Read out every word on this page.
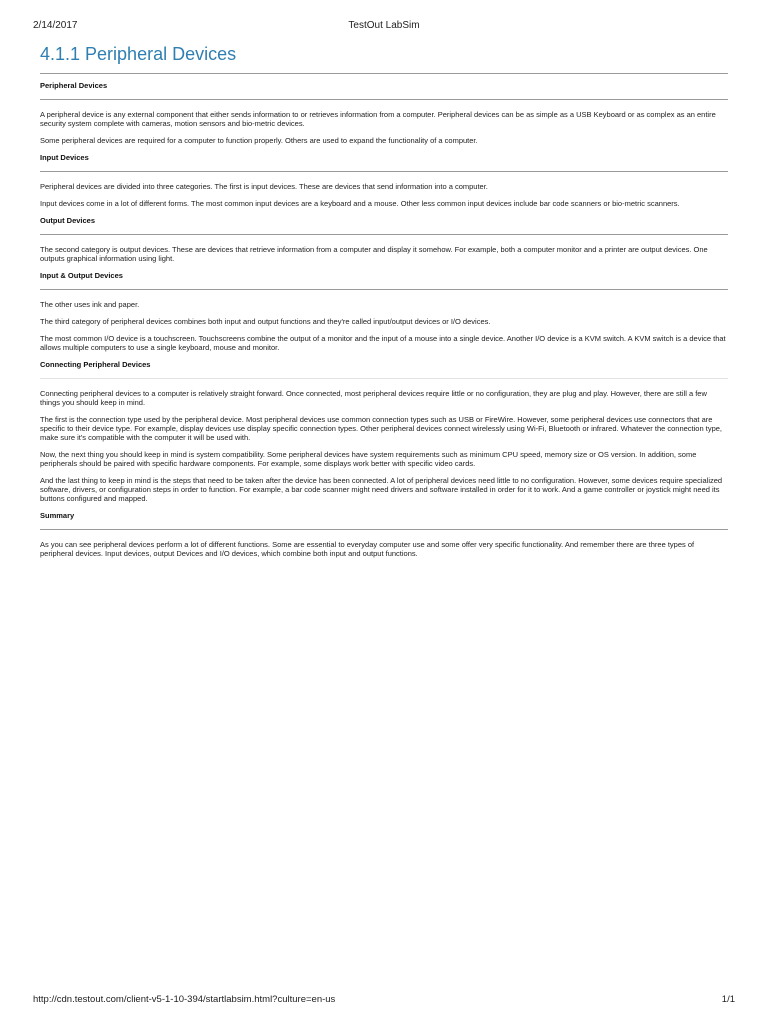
2/14/2017	TestOut LabSim
4.1.1 Peripheral Devices
Peripheral Devices

A peripheral device is any external component that either sends information to or retrieves information from a computer. Peripheral devices can be as simple as a USB Keyboard or as complex as an entire security system complete with cameras, motion sensors and bio-metric devices.

Some peripheral devices are required for a computer to function properly. Others are used to expand the functionality of a computer.

Input Devices

Peripheral devices are divided into three categories. The first is input devices. These are devices that send information into a computer.

Input devices come in a lot of different forms. The most common input devices are a keyboard and a mouse. Other less common input devices include bar code scanners or bio-metric scanners.

Output Devices

The second category is output devices. These are devices that retrieve information from a computer and display it somehow. For example, both a computer monitor and a printer are output devices. One outputs graphical information using light.

Input & Output Devices

The other uses ink and paper.

The third category of peripheral devices combines both input and output functions and they're called input/output devices or I/O devices.

The most common I/O device is a touchscreen. Touchscreens combine the output of a monitor and the input of a mouse into a single device. Another I/O device is a KVM switch. A KVM switch is a device that allows multiple computers to use a single keyboard, mouse and monitor.

Connecting Peripheral Devices

Connecting peripheral devices to a computer is relatively straight forward. Once connected, most peripheral devices require little or no configuration, they are plug and play. However, there are still a few things you should keep in mind.

The first is the connection type used by the peripheral device. Most peripheral devices use common connection types such as USB or FireWire. However, some peripheral devices use connectors that are specific to their device type. For example, display devices use display specific connection types. Other peripheral devices connect wirelessly using Wi-Fi, Bluetooth or infrared. Whatever the connection type, make sure it's compatible with the computer it will be used with.

Now, the next thing you should keep in mind is system compatibility. Some peripheral devices have system requirements such as minimum CPU speed, memory size or OS version. In addition, some peripherals should be paired with specific hardware components. For example, some displays work better with specific video cards.

And the last thing to keep in mind is the steps that need to be taken after the device has been connected. A lot of peripheral devices need little to no configuration. However, some devices require specialized software, drivers, or configuration steps in order to function. For example, a bar code scanner might need drivers and software installed in order for it to work. And a game controller or joystick might need its buttons configured and mapped.

Summary

As you can see peripheral devices perform a lot of different functions. Some are essential to everyday computer use and some offer very specific functionality. And remember there are three types of peripheral devices. Input devices, output Devices and I/O devices, which combine both input and output functions.

http://cdn.testout.com/client-v5-1-10-394/startlabsim.html?culture=en-us	1/1
